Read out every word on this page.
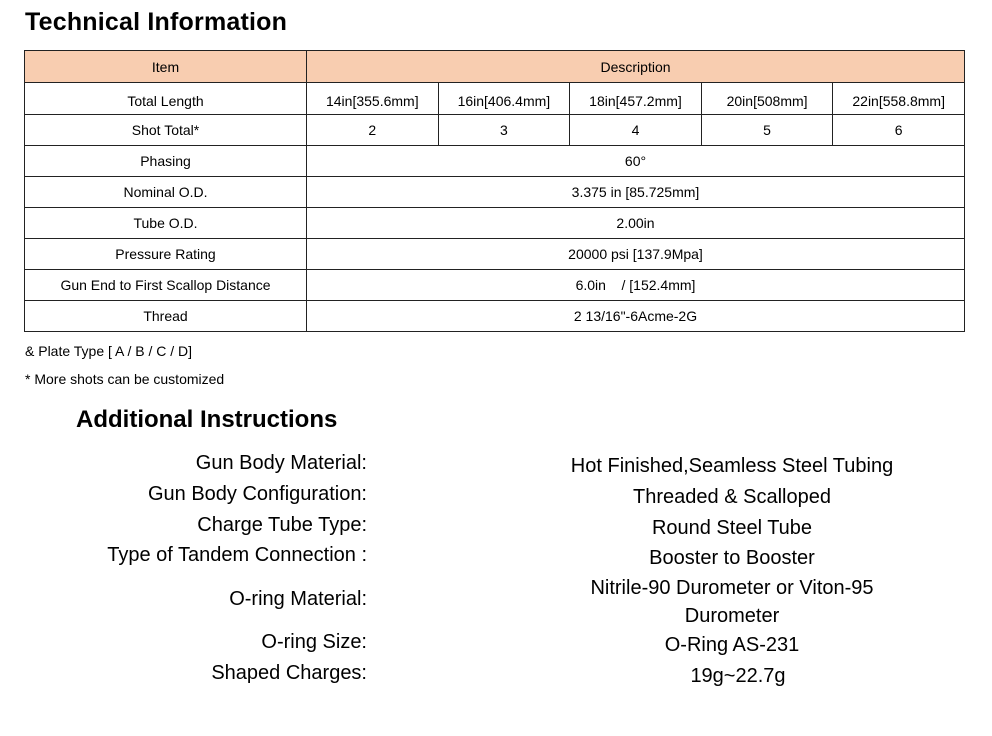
Technical Information
Item	Description				
Total Length	14in[355.6mm]	16in[406.4mm]	18in[457.2mm]	20in[508mm]	22in[558.8mm]
Shot Total*	2	3	4	5	6
Phasing	60°				
Nominal O.D.	3.375 in [85.725mm]				
Tube O.D.	2.00in				
Pressure Rating	20000 psi [137.9Mpa]				
Gun End to First Scallop Distance	6.0in    / [152.4mm]				
Thread	2 13/16"-6Acme-2G				
& Plate Type [ A / B / C / D]
* More shots can be customized
Additional Instructions
Gun Body Material:	Hot Finished,Seamless Steel Tubing
Gun Body Configuration:	Threaded & Scalloped
Charge Tube Type:	Round Steel Tube
Type of Tandem Connection :	Booster to Booster
O-ring Material:	Nitrile-90 Durometer or Viton-95 Durometer
O-ring Size:	O-Ring AS-231
Shaped Charges:	19g~22.7g
